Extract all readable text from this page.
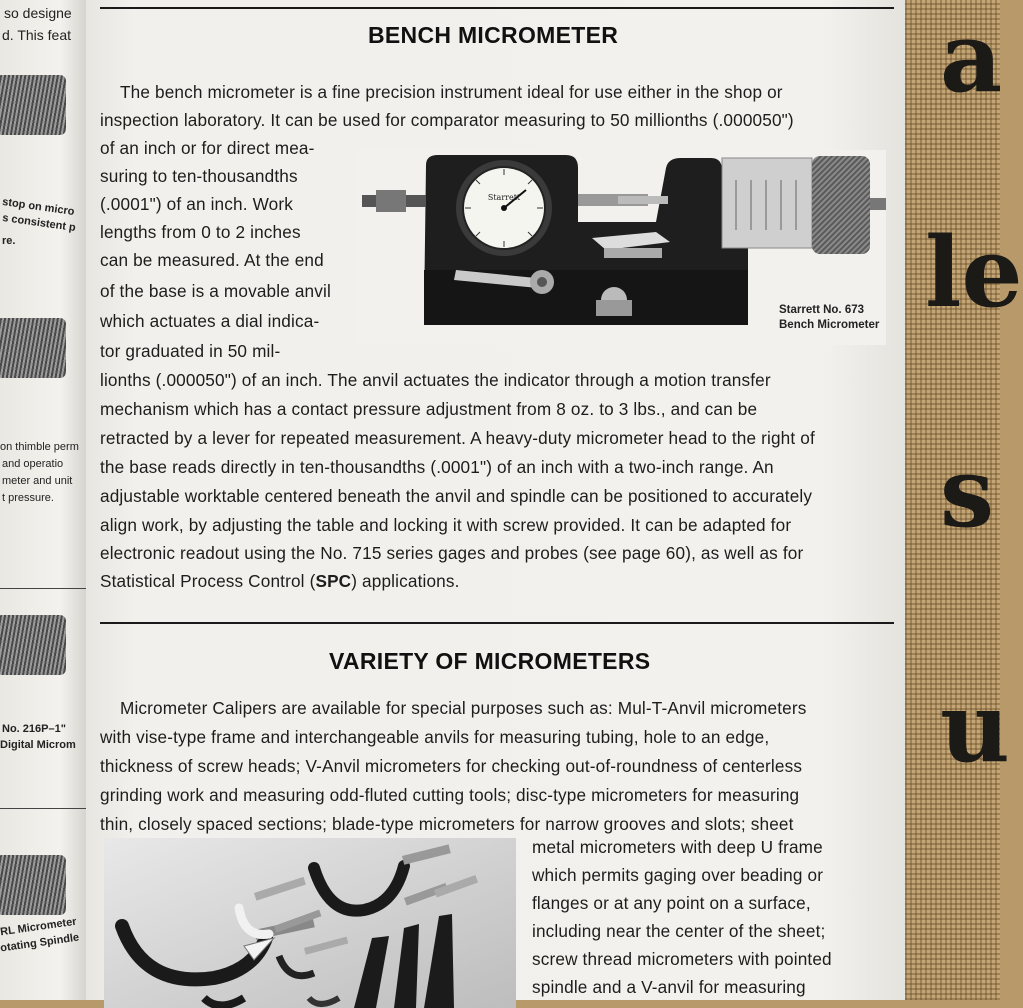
a
le
s
u
so designe
d. This feat
stop on micro
s consistent p
re.
on thimble perm
and operatio
meter and unit
t pressure.
No. 216P–1"
Digital Microm
RL Micrometer
otating Spindle
BENCH MICROMETER
The bench micrometer is a fine precision instrument ideal for use either in the shop or
inspection laboratory. It can be used for comparator measuring to 50 millionths (.000050")
of an inch or for direct mea-
suring to ten-thousandths
(.0001") of an inch. Work
lengths from 0 to 2 inches
can be measured. At the end
of the base is a movable anvil
which actuates a dial indica-
tor graduated in 50 mil-
lionths (.000050") of an inch. The anvil actuates the indicator through a motion transfer
mechanism which has a contact pressure adjustment from 8 oz. to 3 lbs., and can be
retracted by a lever for repeated measurement. A heavy-duty micrometer head to the right of
the base reads directly in ten-thousandths (.0001") of an inch with a two-inch range. An
adjustable worktable centered beneath the anvil and spindle can be positioned to accurately
align work, by adjusting the table and locking it with screw provided. It can be adapted for
electronic readout using the No. 715 series gages and probes (see page 60), as well as for
Statistical Process Control (SPC) applications.
Starrett
Starrett No. 673
Bench Micrometer
VARIETY OF MICROMETERS
Micrometer Calipers are available for special purposes such as: Mul-T-Anvil micrometers
with vise-type frame and interchangeable anvils for measuring tubing, hole to an edge,
thickness of screw heads; V-Anvil micrometers for checking out-of-roundness of centerless
grinding work and measuring odd-fluted cutting tools; disc-type micrometers for measuring
thin, closely spaced sections; blade-type micrometers for narrow grooves and slots; sheet
metal micrometers with deep U frame
which permits gaging over beading or
flanges or at any point on a surface,
including near the center of the sheet;
screw thread micrometers with pointed
spindle and a V-anvil for measuring
